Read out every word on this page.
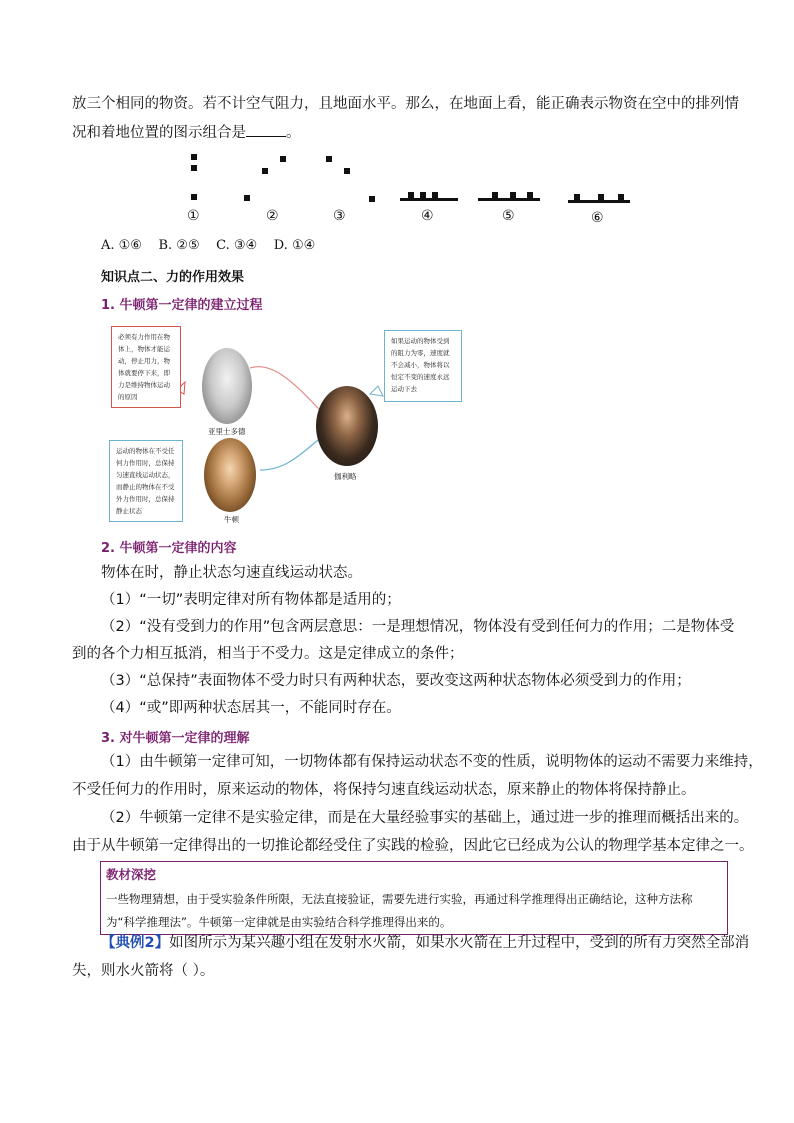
放三个相同的物资。若不计空气阻力，且地面水平。那么，在地面上看，能正确表示物资在空中的排列情
况和着地位置的图示组合是	。
①	②	③	④	⑤	⑥
A. ①⑥    B. ②⑤    C. ③④    D. ①④
知识点二、力的作用效果
1. 牛顿第一定律的建立过程
必须有力作用在物体上，物体才能运动，停止用力，物体就要停下来，即力是维持物体运动的原因
亚里士多德
如果运动的物体受到的阻力为零，速度就不会减小，物体将以恒定不变的速度永远运动下去
伽利略
运动的物体在不受任何力作用时，总保持匀速直线运动状态，而静止的物体在不受外力作用时，总保持静止状态
牛顿
2. 牛顿第一定律的内容
物体在时，静止状态匀速直线运动状态。
（1）“一切”表明定律对所有物体都是适用的；
（2）“没有受到力的作用”包含两层意思：一是理想情况，物体没有受到任何力的作用；二是物体受
到的各个力相互抵消，相当于不受力。这是定律成立的条件；
（3）“总保持”表面物体不受力时只有两种状态，要改变这两种状态物体必须受到力的作用；
（4）“或”即两种状态居其一，不能同时存在。
3. 对牛顿第一定律的理解
（1）由牛顿第一定律可知，一切物体都有保持运动状态不变的性质，说明物体的运动不需要力来维持，
不受任何力的作用时，原来运动的物体，将保持匀速直线运动状态，原来静止的物体将保持静止。
（2）牛顿第一定律不是实验定律，而是在大量经验事实的基础上，通过进一步的推理而概括出来的。
由于从牛顿第一定律得出的一切推论都经受住了实践的检验，因此它已经成为公认的物理学基本定律之一。
教材深挖
一些物理猜想，由于受实验条件所限，无法直接验证，需要先进行实验，再通过科学推理得出正确结论，这种方法称
为“科学推理法”。牛顿第一定律就是由实验结合科学推理得出来的。
【典例2】如图所示为某兴趣小组在发射水火箭，如果水火箭在上升过程中，受到的所有力突然全部消
失，则水火箭将（ ）。
